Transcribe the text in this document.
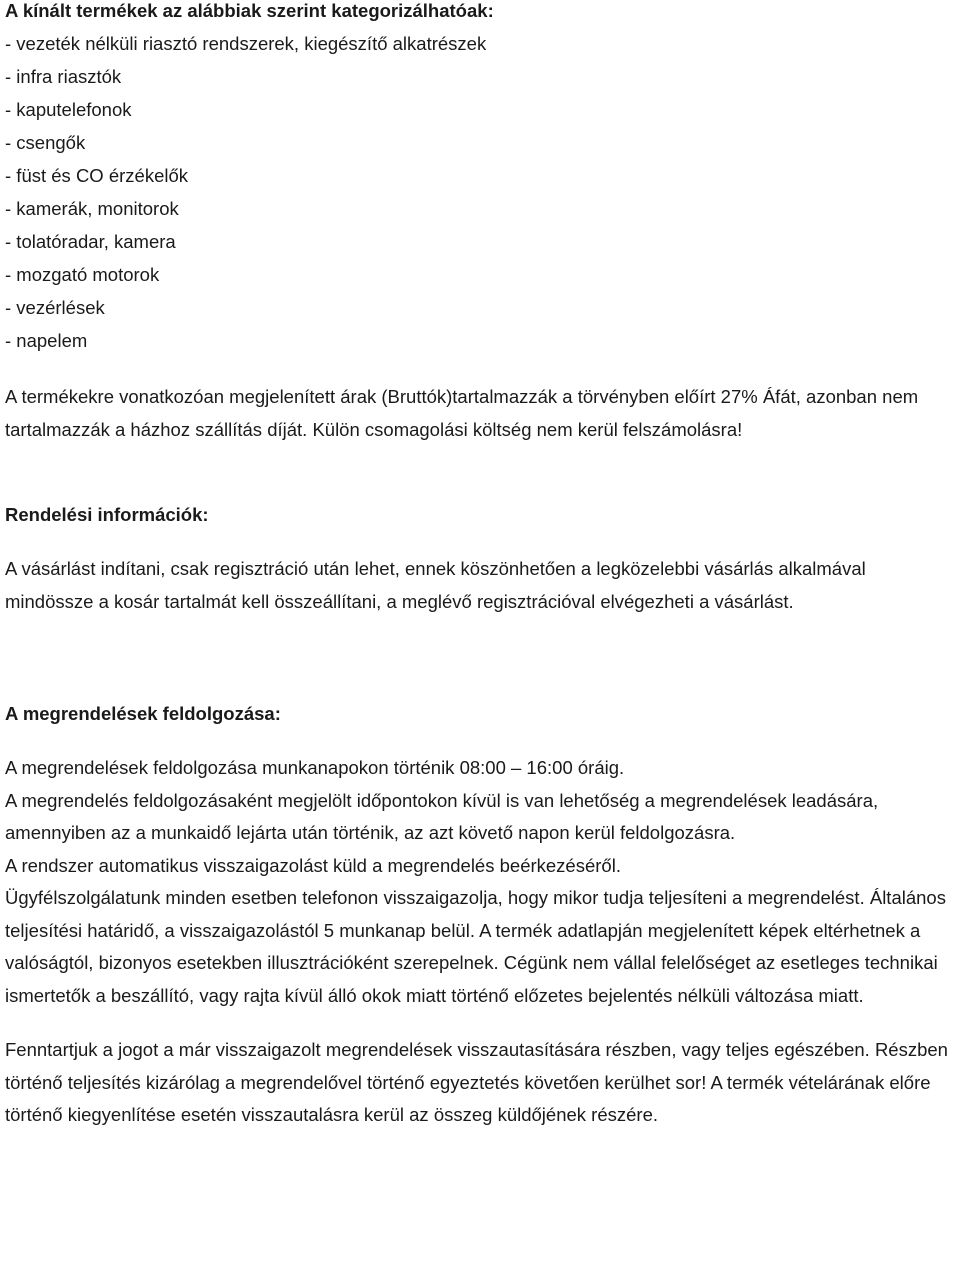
A kínált termékek az alábbiak szerint kategorizálhatóak:

- vezeték nélküli riasztó rendszerek, kiegészítő alkatrészek
- infra riasztók
- kaputelefonok
- csengők
- füst és CO érzékelők
- kamerák, monitorok
- tolatóradar, kamera
- mozgató motorok
- vezérlések
- napelem

A termékekre vonatkozóan megjelenített árak (Bruttók)tartalmazzák a törvényben előírt 27% Áfát, azonban nem tartalmazzák a házhoz szállítás díját. Külön csomagolási költség nem kerül felszámolásra!

Rendelési információk:

A vásárlást indítani, csak regisztráció után lehet, ennek köszönhetően a legközelebbi vásárlás alkalmával mindössze a kosár tartalmát kell összeállítani, a meglévő regisztrációval elvégezheti a vásárlást.

A megrendelések feldolgozása:

A megrendelések feldolgozása munkanapokon történik 08:00 – 16:00 óráig.

A megrendelés feldolgozásaként megjelölt időpontokon kívül is van lehetőség a megrendelések leadására, amennyiben az a munkaidő lejárta után történik, az azt követő napon kerül feldolgozásra.

A rendszer automatikus visszaigazolást küld a megrendelés beérkezéséről.

Ügyfélszolgálatunk minden esetben telefonon visszaigazolja, hogy mikor tudja teljesíteni a megrendelést. Általános teljesítési határidő, a visszaigazolástól 5 munkanap belül. A termék adatlapján megjelenített képek eltérhetnek a valóságtól, bizonyos esetekben illusztrációként szerepelnek. Cégünk nem vállal felelőséget az esetleges technikai ismertetők a beszállító, vagy rajta kívül álló okok miatt történő előzetes bejelentés nélküli változása miatt.

Fenntartjuk a jogot a már visszaigazolt megrendelések visszautasítására részben, vagy teljes egészében. Részben történő teljesítés kizárólag a megrendelővel történő egyeztetés követően kerülhet sor! A termék vételárának előre történő kiegyenlítése esetén visszautalásra kerül az összeg küldőjének részére.
